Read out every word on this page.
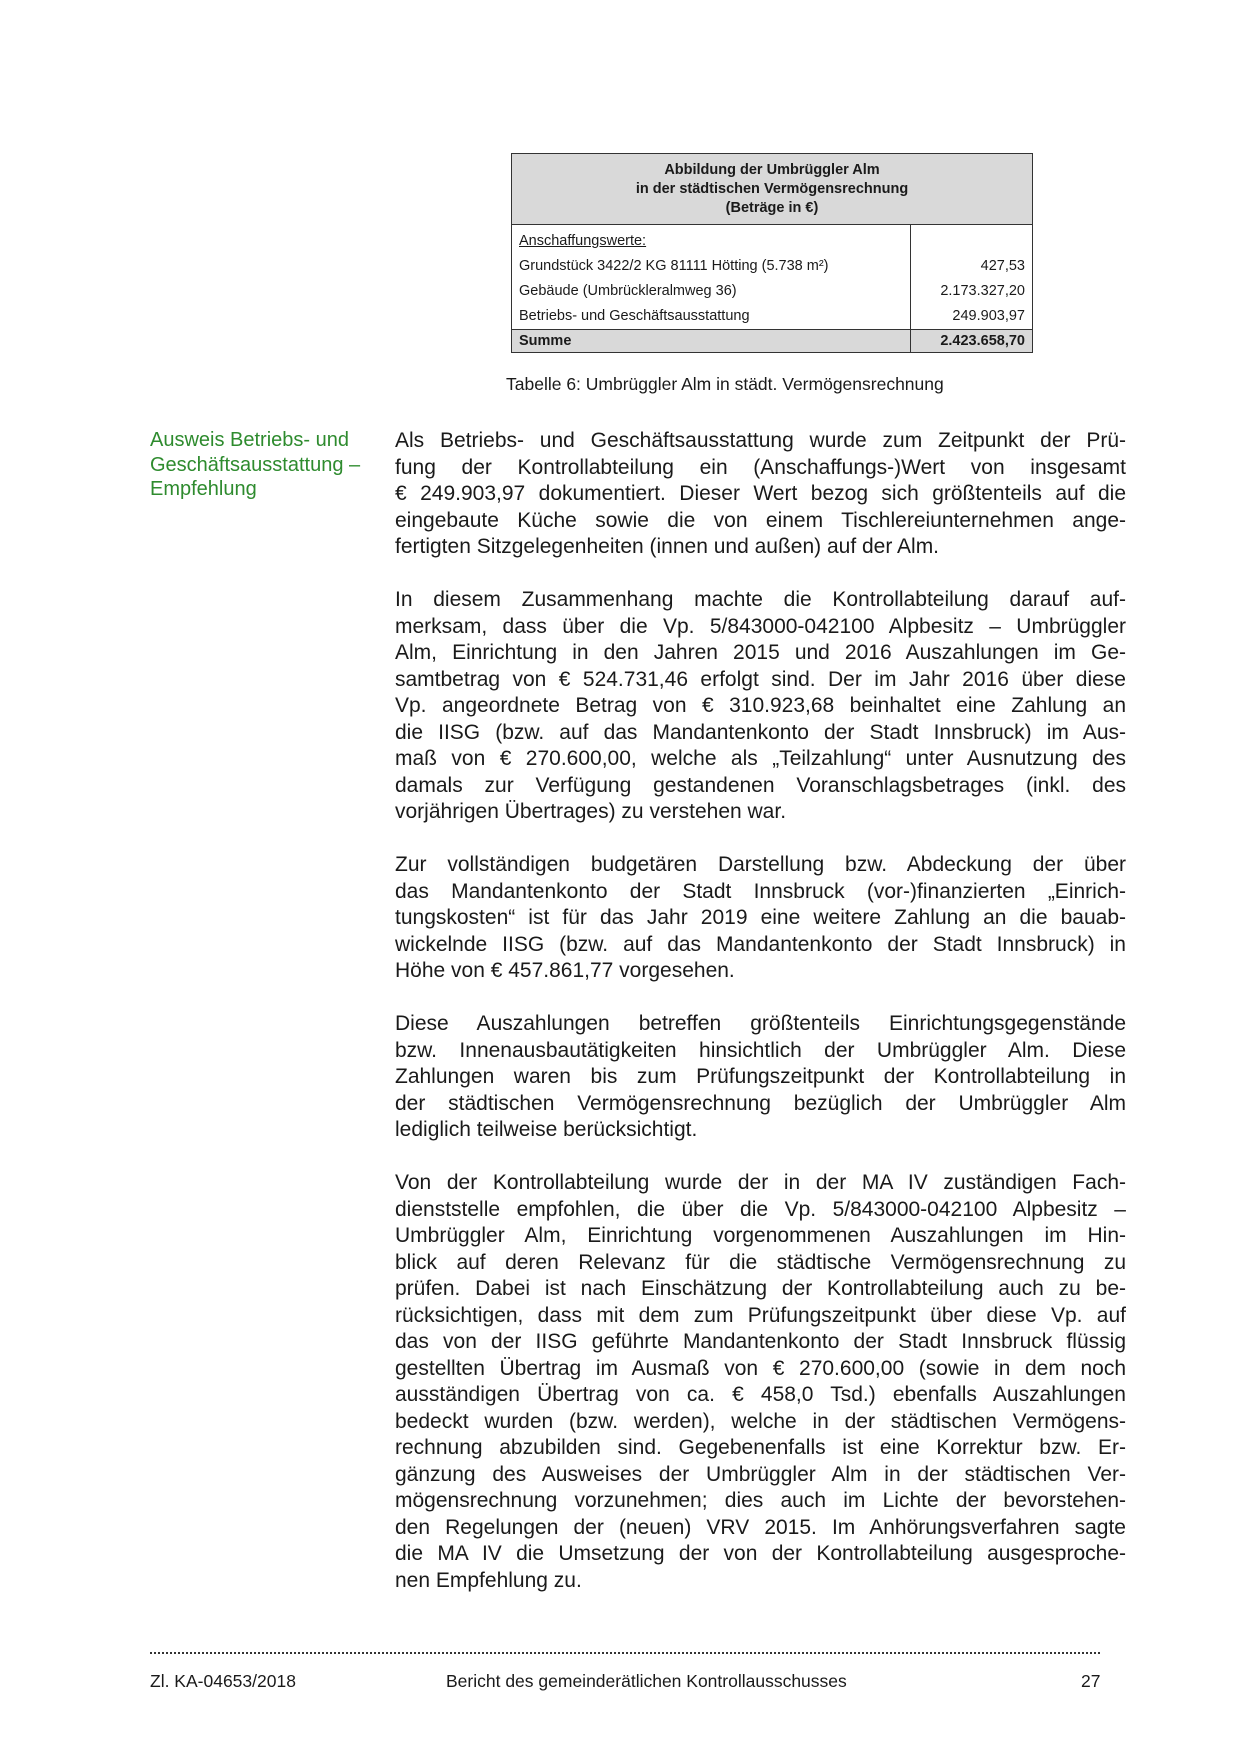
Abbildung der Umbrüggler Alm
in der städtischen Vermögensrechnung
(Beträge in €)	

Anschaffungswerte:	
Grundstück 3422/2 KG 81111 Hötting (5.738 m²)	427,53
Gebäude (Umbrückleralmweg 36)	2.173.327,20
Betriebs- und Geschäftsausstattung	249.903,97
Summe	2.423.658,70
Tabelle 6: Umbrüggler Alm in städt. Vermögensrechnung
Ausweis Betriebs- und
Geschäftsausstattung –
Empfehlung
Als Betriebs- und Geschäftsausstattung wurde zum Zeitpunkt der Prü-
fung der Kontrollabteilung ein (Anschaffungs-)Wert von insgesamt
€ 249.903,97 dokumentiert. Dieser Wert bezog sich größtenteils auf die
eingebaute Küche sowie die von einem Tischlereiunternehmen ange-
fertigten Sitzgelegenheiten (innen und außen) auf der Alm.
In diesem Zusammenhang machte die Kontrollabteilung darauf auf-
merksam, dass über die Vp. 5/843000-042100 Alpbesitz – Umbrüggler
Alm, Einrichtung in den Jahren 2015 und 2016 Auszahlungen im Ge-
samtbetrag von € 524.731,46 erfolgt sind. Der im Jahr 2016 über diese
Vp. angeordnete Betrag von € 310.923,68 beinhaltet eine Zahlung an
die IISG (bzw. auf das Mandantenkonto der Stadt Innsbruck) im Aus-
maß von € 270.600,00, welche als „Teilzahlung“ unter Ausnutzung des
damals zur Verfügung gestandenen Voranschlagsbetrages (inkl. des
vorjährigen Übertrages) zu verstehen war.
Zur vollständigen budgetären Darstellung bzw. Abdeckung der über
das Mandantenkonto der Stadt Innsbruck (vor-)finanzierten „Einrich-
tungskosten“ ist für das Jahr 2019 eine weitere Zahlung an die bauab-
wickelnde IISG (bzw. auf das Mandantenkonto der Stadt Innsbruck) in
Höhe von € 457.861,77 vorgesehen.
Diese Auszahlungen betreffen größtenteils Einrichtungsgegenstände
bzw. Innenausbautätigkeiten hinsichtlich der Umbrüggler Alm. Diese
Zahlungen waren bis zum Prüfungszeitpunkt der Kontrollabteilung in
der städtischen Vermögensrechnung bezüglich der Umbrüggler Alm
lediglich teilweise berücksichtigt.
Von der Kontrollabteilung wurde der in der MA IV zuständigen Fach-
dienststelle empfohlen, die über die Vp. 5/843000-042100 Alpbesitz –
Umbrüggler Alm, Einrichtung vorgenommenen Auszahlungen im Hin-
blick auf deren Relevanz für die städtische Vermögensrechnung zu
prüfen. Dabei ist nach Einschätzung der Kontrollabteilung auch zu be-
rücksichtigen, dass mit dem zum Prüfungszeitpunkt über diese Vp. auf
das von der IISG geführte Mandantenkonto der Stadt Innsbruck flüssig
gestellten Übertrag im Ausmaß von € 270.600,00 (sowie in dem noch
ausständigen Übertrag von ca. € 458,0 Tsd.) ebenfalls Auszahlungen
bedeckt wurden (bzw. werden), welche in der städtischen Vermögens-
rechnung abzubilden sind. Gegebenenfalls ist eine Korrektur bzw. Er-
gänzung des Ausweises der Umbrüggler Alm in der städtischen Ver-
mögensrechnung vorzunehmen; dies auch im Lichte der bevorstehen-
den Regelungen der (neuen) VRV 2015. Im Anhörungsverfahren sagte
die MA IV die Umsetzung der von der Kontrollabteilung ausgesproche-
nen Empfehlung zu.
Zl. KA-04653/2018	Bericht des gemeinderätlichen Kontrollausschusses	27
